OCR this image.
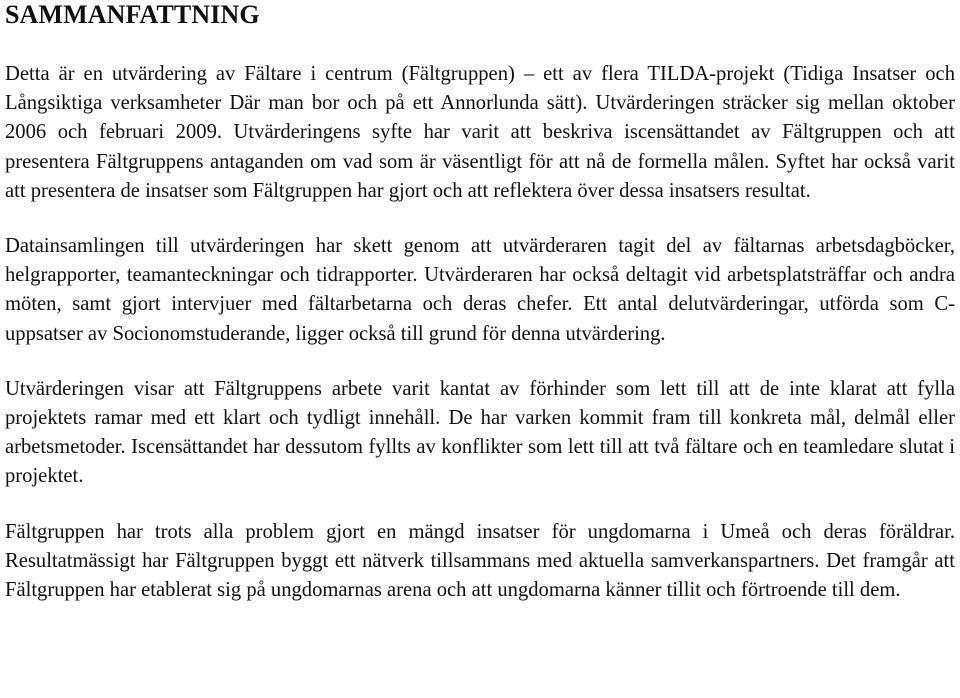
SAMMANFATTNING

Detta är en utvärdering av Fältare i centrum (Fältgruppen) – ett av flera TILDA-projekt (Tidiga Insatser och Långsiktiga verksamheter Där man bor och på ett Annorlunda sätt). Utvärderingen sträcker sig mellan oktober 2006 och februari 2009. Utvärderingens syfte har varit att beskriva iscensättandet av Fältgruppen och att presentera Fältgruppens antaganden om vad som är väsentligt för att nå de formella målen. Syftet har också varit att presentera de insatser som Fältgruppen har gjort och att reflektera över dessa insatsers resultat.

Datainsamlingen till utvärderingen har skett genom att utvärderaren tagit del av fältarnas arbetsdagböcker, helgrapporter, teamanteckningar och tidrapporter. Utvärderaren har också deltagit vid arbetsplatsträffar och andra möten, samt gjort intervjuer med fältarbetarna och deras chefer. Ett antal delutvärderingar, utförda som C-uppsatser av Socionomstuderande, ligger också till grund för denna utvärdering.

Utvärderingen visar att Fältgruppens arbete varit kantat av förhinder som lett till att de inte klarat att fylla projektets ramar med ett klart och tydligt innehåll. De har varken kommit fram till konkreta mål, delmål eller arbetsmetoder. Iscensättandet har dessutom fyllts av konflikter som lett till att två fältare och en teamledare slutat i projektet.

Fältgruppen har trots alla problem gjort en mängd insatser för ungdomarna i Umeå och deras föräldrar. Resultatmässigt har Fältgruppen byggt ett nätverk tillsammans med aktuella samverkanspartners. Det framgår att Fältgruppen har etablerat sig på ungdomarnas arena och att ungdomarna känner tillit och förtroende till dem.
